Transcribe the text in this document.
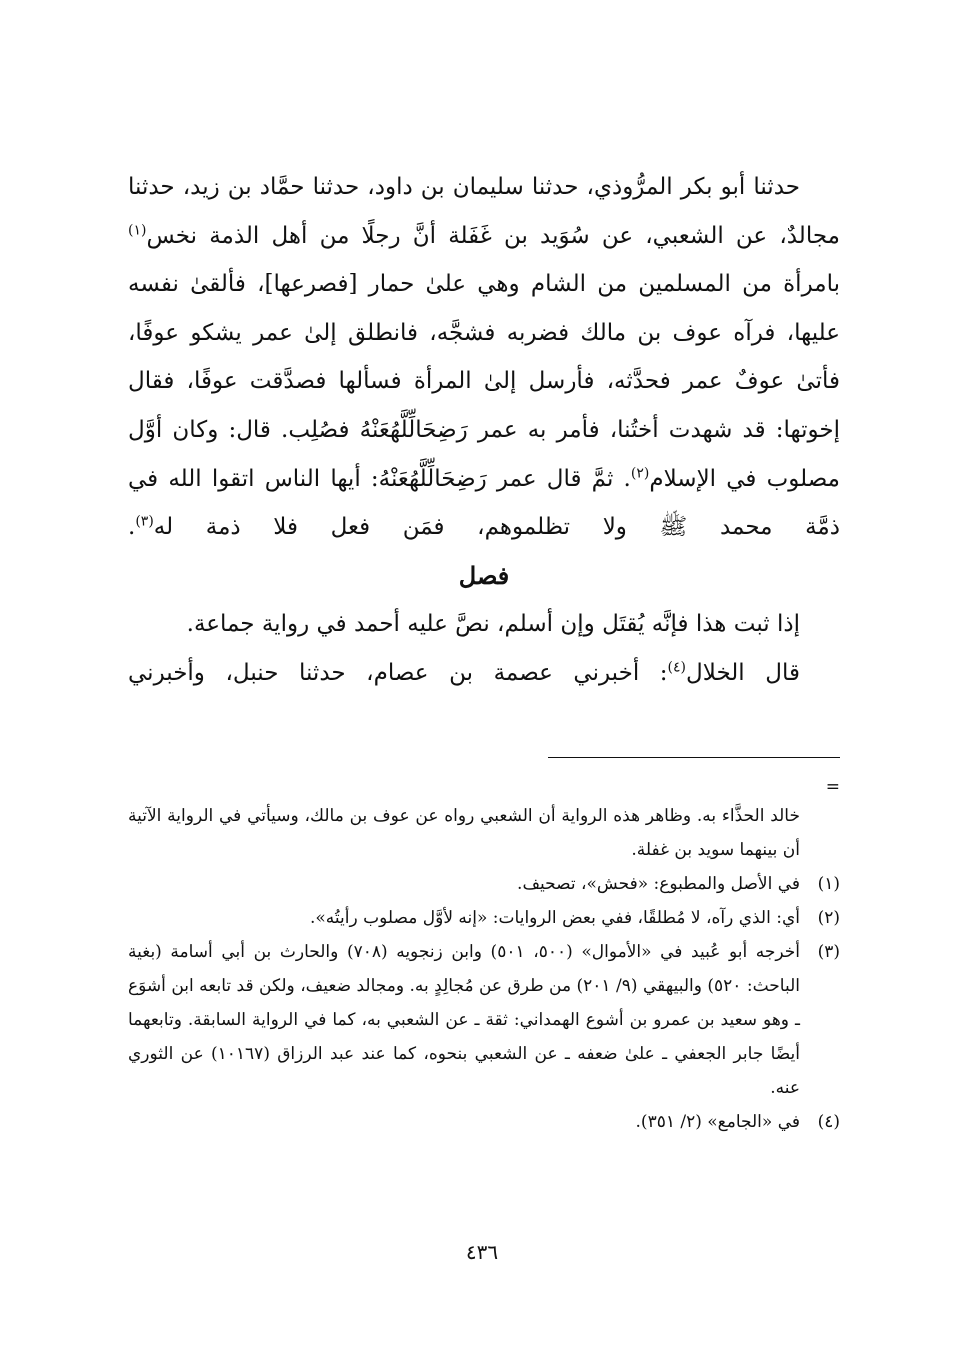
حدثنا أبو بكر المرُّوذي، حدثنا سليمان بن داود، حدثنا حمَّاد بن زيد، حدثنا مجالدٌ، عن الشعبي، عن سُوَيد بن غَفَلة أنَّ رجلًا من أهل الذمة نخس$^{(١)}$ بامرأة من المسلمين من الشام وهي علىٰ حمار [فصرعها]، فألقىٰ نفسه عليها، فرآه عوف بن مالك فضربه فشجَّه، فانطلق إلىٰ عمر يشكو عوفًا، فأتىٰ عوفٌ عمر فحدَّثه، فأرسل إلىٰ المرأة فسألها فصدَّقت عوفًا، فقال إخوتها: قد شهدت أختُنا، فأمر به عمر رَضِحَالِّلَّهُعَنْهُ فصُلِب. قال: وكان أوَّل مصلوب في الإسلام$^{(٢)}$. ثمَّ قال عمر رَضِحَالِّلَّهُعَنْهُ: أيها الناس اتقوا الله في ذمَّة محمد ﷺ ولا تظلموهم، فمَن فعل فلا ذمة له$^{(٣)}$.

فصل

إذا ثبت هذا فإنَّه يُقتَل وإن أسلم، نصَّ عليه أحمد في رواية جماعة.

قال الخلال$^{(٤)}$: أخبرني عصمة بن عصام، حدثنا حنبل، وأخبرني

=
خالد الحذَّاء به. وظاهر هذه الرواية أن الشعبي رواه عن عوف بن مالك، وسيأتي في الرواية الآتية أن بينهما سويد بن غفلة.
(١)
في الأصل والمطبوع: «فحش»، تصحيف.
(٢)
أي: الذي رآه، لا مُطلقًا، ففي بعض الروايات: «إنه لأوَّل مصلوب رأيتُه».
(٣)
أخرجه أبو عُبيد في «الأموال» (٥٠٠، ٥٠١) وابن زنجويه (٧٠٨) والحارث بن أبي أسامة (بغية الباحث: ٥٢٠) والبيهقي (٩/ ٢٠١) من طرق عن مُجالِدٍ به. ومجالد ضعيف، ولكن قد تابعه ابن أشوَع ـ وهو سعيد بن عمرو بن أشوع الهمداني: ثقة ـ عن الشعبي به، كما في الرواية السابقة. وتابعهما أيضًا جابر الجعفي ـ علىٰ ضعفه ـ عن الشعبي بنحوه، كما عند عبد الرزاق (١٠١٦٧) عن الثوري عنه.
(٤)
في «الجامع» (٢/ ٣٥١).
٤٣٦
